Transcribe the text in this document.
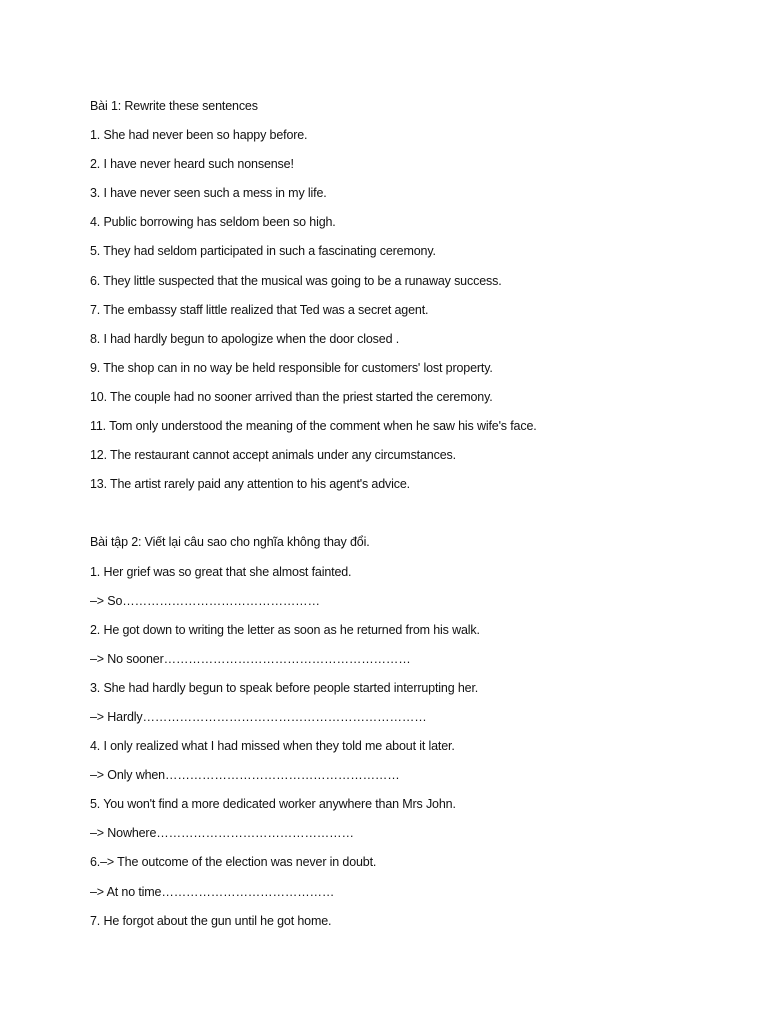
Bài 1: Rewrite these sentences
1. She had never been so happy before.
2. I have never heard such nonsense!
3. I have never seen such a mess in my life.
4. Public borrowing has seldom been so high.
5. They had seldom participated in such a fascinating ceremony.
6. They little suspected that the musical was going to be a runaway success.
7. The embassy staff little realized that Ted was a secret agent.
8. I had hardly begun to apologize when the door closed .
9. The shop can in no way be held responsible for customers' lost property.
10. The couple had no sooner arrived than the priest started the ceremony.
11. Tom only understood the meaning of the comment when he saw his wife's face.
12. The restaurant cannot accept animals under any circumstances.
13. The artist rarely paid any attention to his agent's advice.
Bài tập 2: Viết lại câu sao cho nghĩa không thay đổi.
1. Her grief was so great that she almost fainted.
–> So…………………………………………
2. He got down to writing the letter as soon as he returned from his walk.
–> No sooner……………………………………………………
3. She had hardly begun to speak before people started interrupting her.
–> Hardly……………………………………………………………
4. I only realized what I had missed when they told me about it later.
–> Only when…………………………………………………
5. You won't find a more dedicated worker anywhere than Mrs John.
–> Nowhere…………………………………………
6.–> The outcome of the election was never in doubt.
–> At no time……………………………………
7. He forgot about the gun until he got home.
